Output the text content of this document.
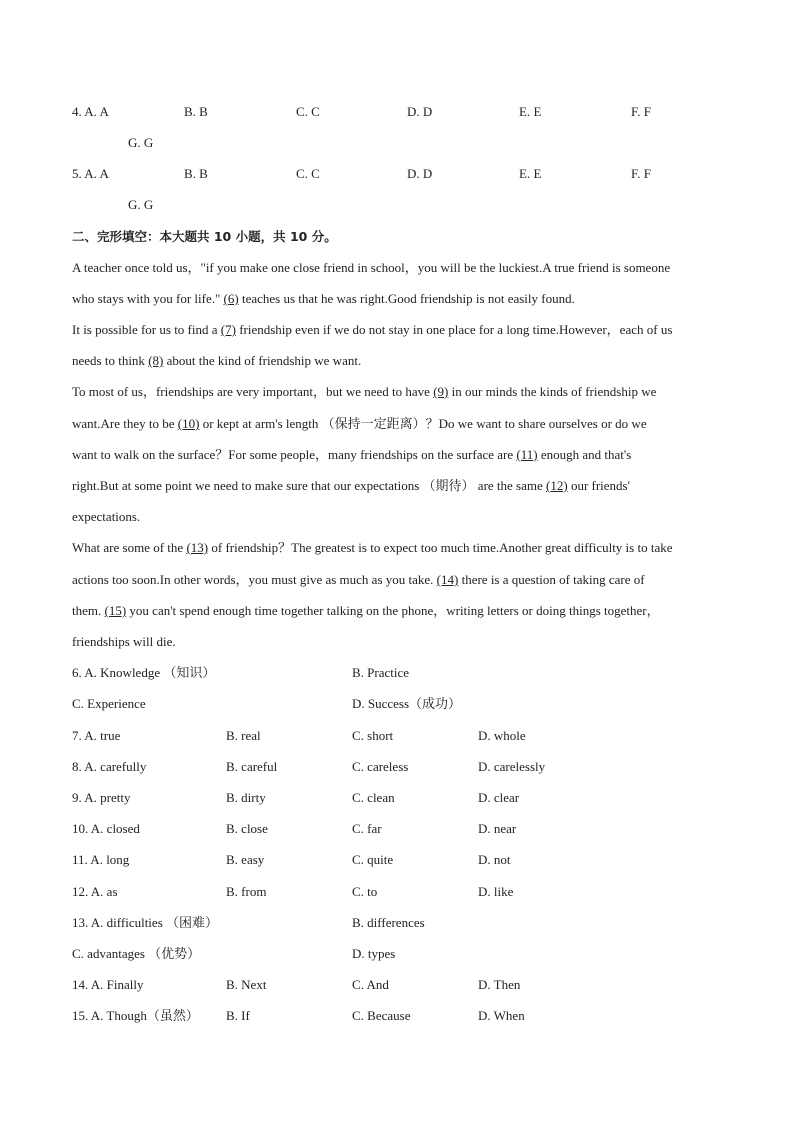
4. A. A	B. B	C. C	D. D	E. E	F. F
G. G
5. A. A	B. B	C. C	D. D	E. E	F. F
G. G
二、完形填空：本大题共 10 小题，共 10 分。
A teacher once told us，"if you make one close friend in school，you will be the luckiest.A true friend is someone
who stays with you for life." (6) teaches us that he was right.Good friendship is not easily found.
It is possible for us to find a (7) friendship even if we do not stay in one place for a long time.However，each of us
needs to think (8) about the kind of friendship we want.
To most of us，friendships are very important，but we need to have (9) in our minds the kinds of friendship we
want.Are they to be (10) or kept at arm's length （保持一定距离）？Do we want to share ourselves or do we
want to walk on the surface？For some people，many friendships on the surface are (11) enough and that's
right.But at some point we need to make sure that our expectations （期待） are the same (12) our friends'
expectations.
What are some of the (13) of friendship？The greatest is to expect too much time.Another great difficulty is to take
actions too soon.In other words，you must give as much as you take. (14) there is a question of taking care of
them. (15) you can't spend enough time together talking on the phone，writing letters or doing things together，
friendships will die.
6. A. Knowledge （知识）	B. Practice
C. Experience	D. Success（成功）
7. A. true	B. real	C. short	D. whole
8. A. carefully	B. careful	C. careless	D. carelessly
9. A. pretty	B. dirty	C. clean	D. clear
10. A. closed	B. close	C. far	D. near
11. A. long	B. easy	C. quite	D. not
12. A. as	B. from	C. to	D. like
13. A. difficulties （困难）	B. differences
C. advantages （优势）	D. types
14. A. Finally	B. Next	C. And	D. Then
15. A. Though（虽然） B. If	C. Because	D. When
